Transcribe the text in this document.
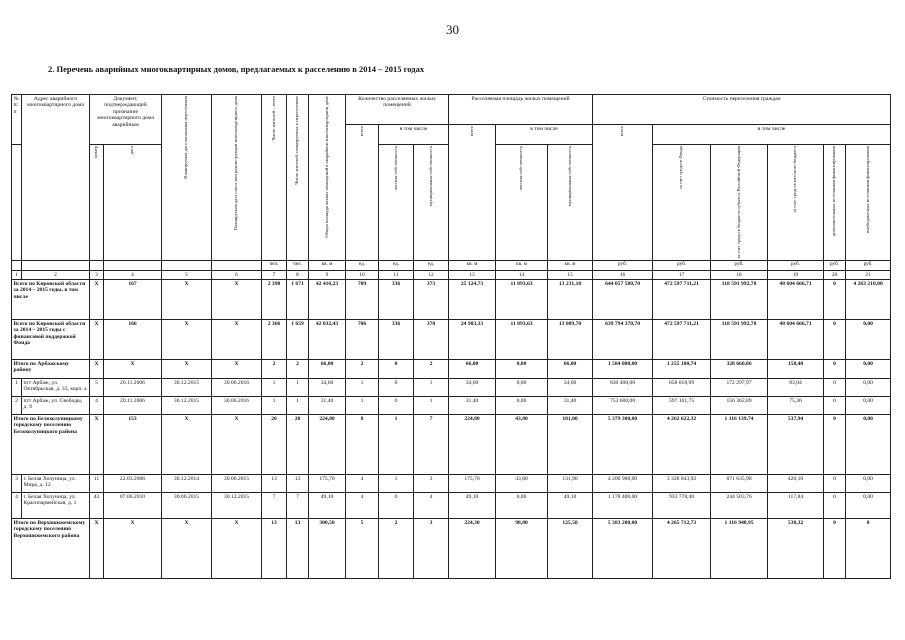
30
2. Перечень аварийных многоквартирных домов, предлагаемых к расселению в 2014 – 2015 годах
№ п/п	Адрес аварийного многоквартирного дома	Документ, подтверждающий признание многоквартирного дома аварийным		Планируемая дата окончания переселения	Планируемая дата сноса или реконструкции многоквартирного дома	Число жителей – всего	Число жителей, планируемых к переселению	Общая площадь жилых помещений в аварийном многоквартирном доме	Количество расселяемых жилых помещений			Расселяемая площадь жилых помещений			Стоимость переселения граждан					

									всего	в том числе		всего	в том числе		всего	в том числе				

		номер	дата							частная собственность	муниципальная собственность		частная собственность	муниципальная собственность		за счет средств Фонда	за счет средств бюджета субъекта Российской Федерации	за счет средств местного бюджета	дополнительных источников финансирования	внебюджетных источников финансирования

						чел.	чел.	кв. м	ед.	ед.	ед.	кв. м	кв. м	кв. м	руб.	руб.	руб.	руб.	руб.	руб.
1	2	3	4	5	6	7	8	9	10	11	12	13	14	15	16	17	18	19	20	21
Всего по Кировской области за 2014 – 2015 годы, в том числе		X	167	X	X	2 390	1 671	42 416,23	709	336	373	25 124,73	11 893,63	13 231,10	644 057 580,70	472 597 711,21	118 591 992,78	48 604 666,71	0	4 263 210,00
Всего по Кировской области за 2014 – 2015 годы с финансовой поддержкой Фонда		X	166	X	X	2 366	1 659	42 032,43	706	336	370	24 983,33	11 893,63	13 089,70	639 794 370,70	472 597 711,21	118 591 992,78	48 604 666,71	0	0,00
Итого по Арбажскому району		X	X	X	X	2	2	66,00	2	0	2	66,00	0,00	66,00	1 584 000,00	1 255 180,74	328 660,86	158,40	0	0,00
1	пгт Арбаж, ул. Октябрьская, д. 33, корп. а	5	20.11.2006	30.12.2015	30.06.2016	1	1	34,60	1	0	1	34,60	0,00	34,60	830 400,00	658 018,99	172 297,97	83,04	0	0,00
2	пгт Арбаж, ул. Свободы, д. 9	4	20.11.2006	30.12.2015	30.06.2016	1	1	31,40	1	0	1	31,40	0,00	31,40	753 600,00	597 161,75	156 362,89	75,36	0	0,00
Итого по Белохолуницкому городскому поселению Белохолуницкого района		X	153	X	X	20	20	224,80	8	1	7	224,80	43,80	181,00	5 379 300,00	4 262 622,32	1 116 139,74	537,94	0	0,00
3	г. Белая Холуница, ул. Мира, д. 12	11	22.03.2006	30.12.2014	30.06.2015	13	13	175,70	4	1	3	175,70	43,80	131,90	4 200 900,00	3 328 843,92	871 635,98	420,10	0	0,00
4	г. Белая Холуница, ул. Красноармейская, д. 1	43	07.06.2010	30.06.2015	30.12.2015	7	7	49,10	4	0	4	49,10	0,00	49,10	1 178 400,00	933 778,40	244 503,76	117,84	0	0,00
Итого по Верхошижемскому городскому поселению Верхошижемского района		X	X	X	X	13	13	300,50	5	2	3	224,30	98,80	125,50	5 383 200,00	4 265 712,73	1 116 948,95	538,32	0	0
